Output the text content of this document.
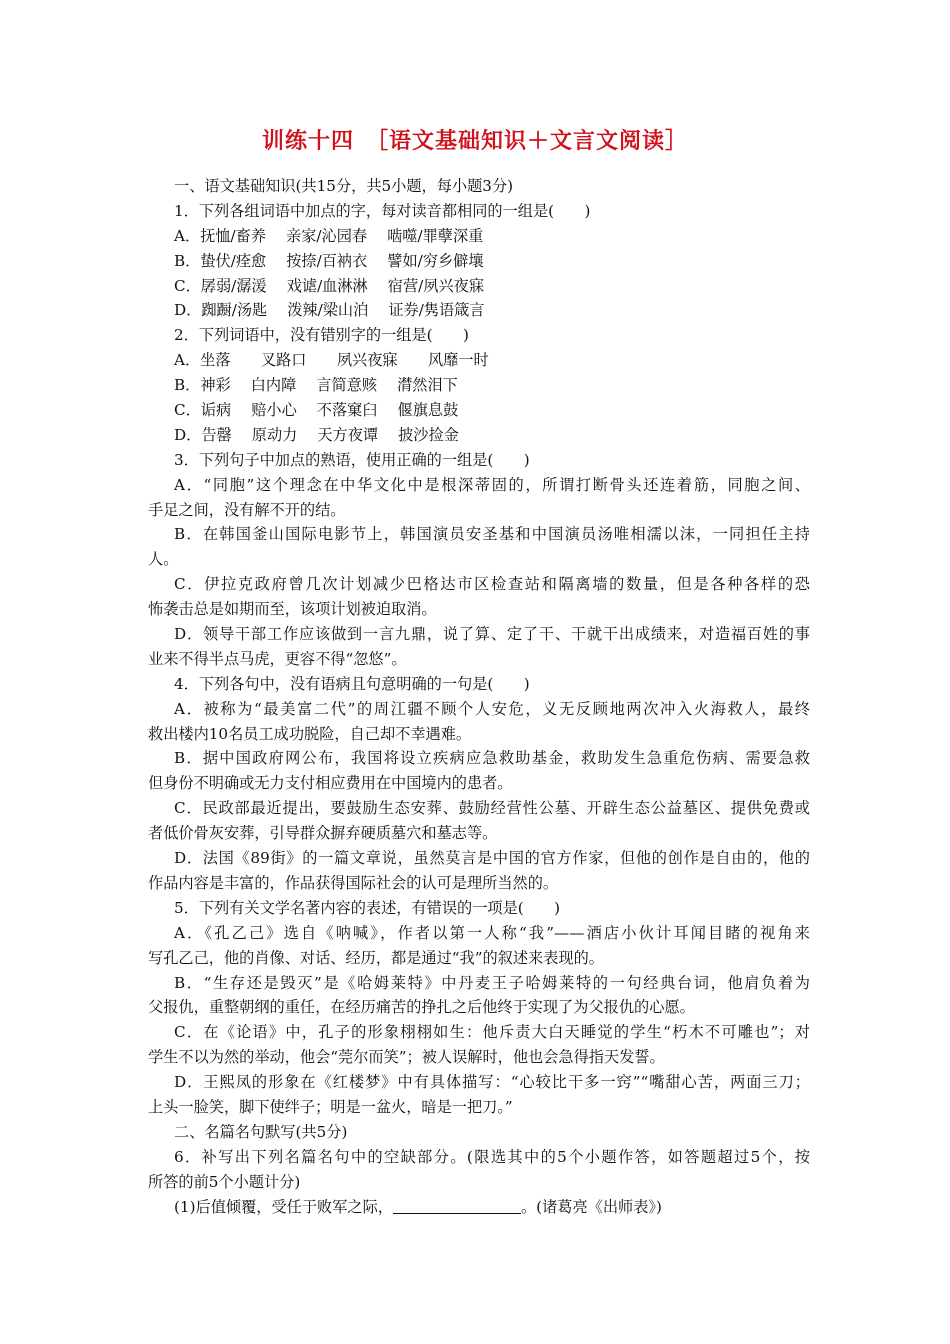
训练十四　［语文基础知识＋文言文阅读］
一、语文基础知识(共15分，共5小题，每小题3分)
1．下列各组词语中加点的字，每对读音都相同的一组是(　　)
A．抚恤/畜养　 亲家/沁园春　 啮噬/罪孽深重
B．蛰伏/痊愈　 按捺/百衲衣　 譬如/穷乡僻壤
C．孱弱/潺湲　 戏谑/血淋淋　 宿营/夙兴夜寐
D．踟蹰/汤匙　 泼辣/梁山泊　 证券/隽语箴言
2．下列词语中，没有错别字的一组是(　　)
A．坐落　　叉路口　　夙兴夜寐　　风靡一时
B．神彩　 白内障　 言简意赅　 潸然泪下
C．诟病　 赔小心　 不落窠臼　 偃旗息鼓
D．告罄　 原动力　 天方夜谭　 披沙捡金
3．下列句子中加点的熟语，使用正确的一组是(　　)
A．“同胞”这个理念在中华文化中是根深蒂固的，所谓打断骨头还连着筋，同胞之间、
手足之间，没有解不开的结。
B．在韩国釜山国际电影节上，韩国演员安圣基和中国演员汤唯相濡以沫，一同担任主持
人。
C．伊拉克政府曾几次计划减少巴格达市区检查站和隔离墙的数量，但是各种各样的恐
怖袭击总是如期而至，该项计划被迫取消。
D．领导干部工作应该做到一言九鼎，说了算、定了干、干就干出成绩来，对造福百姓的事
业来不得半点马虎，更容不得“忽悠”。
4．下列各句中，没有语病且句意明确的一句是(　　)
A．被称为“最美富二代”的周江疆不顾个人安危，义无反顾地两次冲入火海救人，最终
救出楼内10名员工成功脱险，自己却不幸遇难。
B．据中国政府网公布，我国将设立疾病应急救助基金，救助发生急重危伤病、需要急救
但身份不明确或无力支付相应费用在中国境内的患者。
C．民政部最近提出，要鼓励生态安葬、鼓励经营性公墓、开辟生态公益墓区、提供免费或
者低价骨灰安葬，引导群众摒弃硬质墓穴和墓志等。
D．法国《89街》的一篇文章说，虽然莫言是中国的官方作家，但他的创作是自由的，他的
作品内容是丰富的，作品获得国际社会的认可是理所当然的。
5．下列有关文学名著内容的表述，有错误的一项是(　　)
A．《孔乙己》选自《呐喊》，作者以第一人称“我”——酒店小伙计耳闻目睹的视角来
写孔乙己，他的肖像、对话、经历，都是通过“我”的叙述来表现的。
B．“生存还是毁灭”是《哈姆莱特》中丹麦王子哈姆莱特的一句经典台词，他肩负着为
父报仇，重整朝纲的重任，在经历痛苦的挣扎之后他终于实现了为父报仇的心愿。
C．在《论语》中，孔子的形象栩栩如生：他斥责大白天睡觉的学生“朽木不可雕也”；对
学生不以为然的举动，他会“莞尔而笑”；被人误解时，他也会急得指天发誓。
D．王熙凤的形象在《红楼梦》中有具体描写：“心较比干多一窍”“嘴甜心苦，两面三刀；
上头一脸笑，脚下使绊子；明是一盆火，暗是一把刀。”
二、名篇名句默写(共5分)
6．补写出下列名篇名句中的空缺部分。(限选其中的5个小题作答，如答题超过5个，按
所答的前5个小题计分)
(1)后值倾覆，受任于败军之际，	。(诸葛亮《出师表》)
